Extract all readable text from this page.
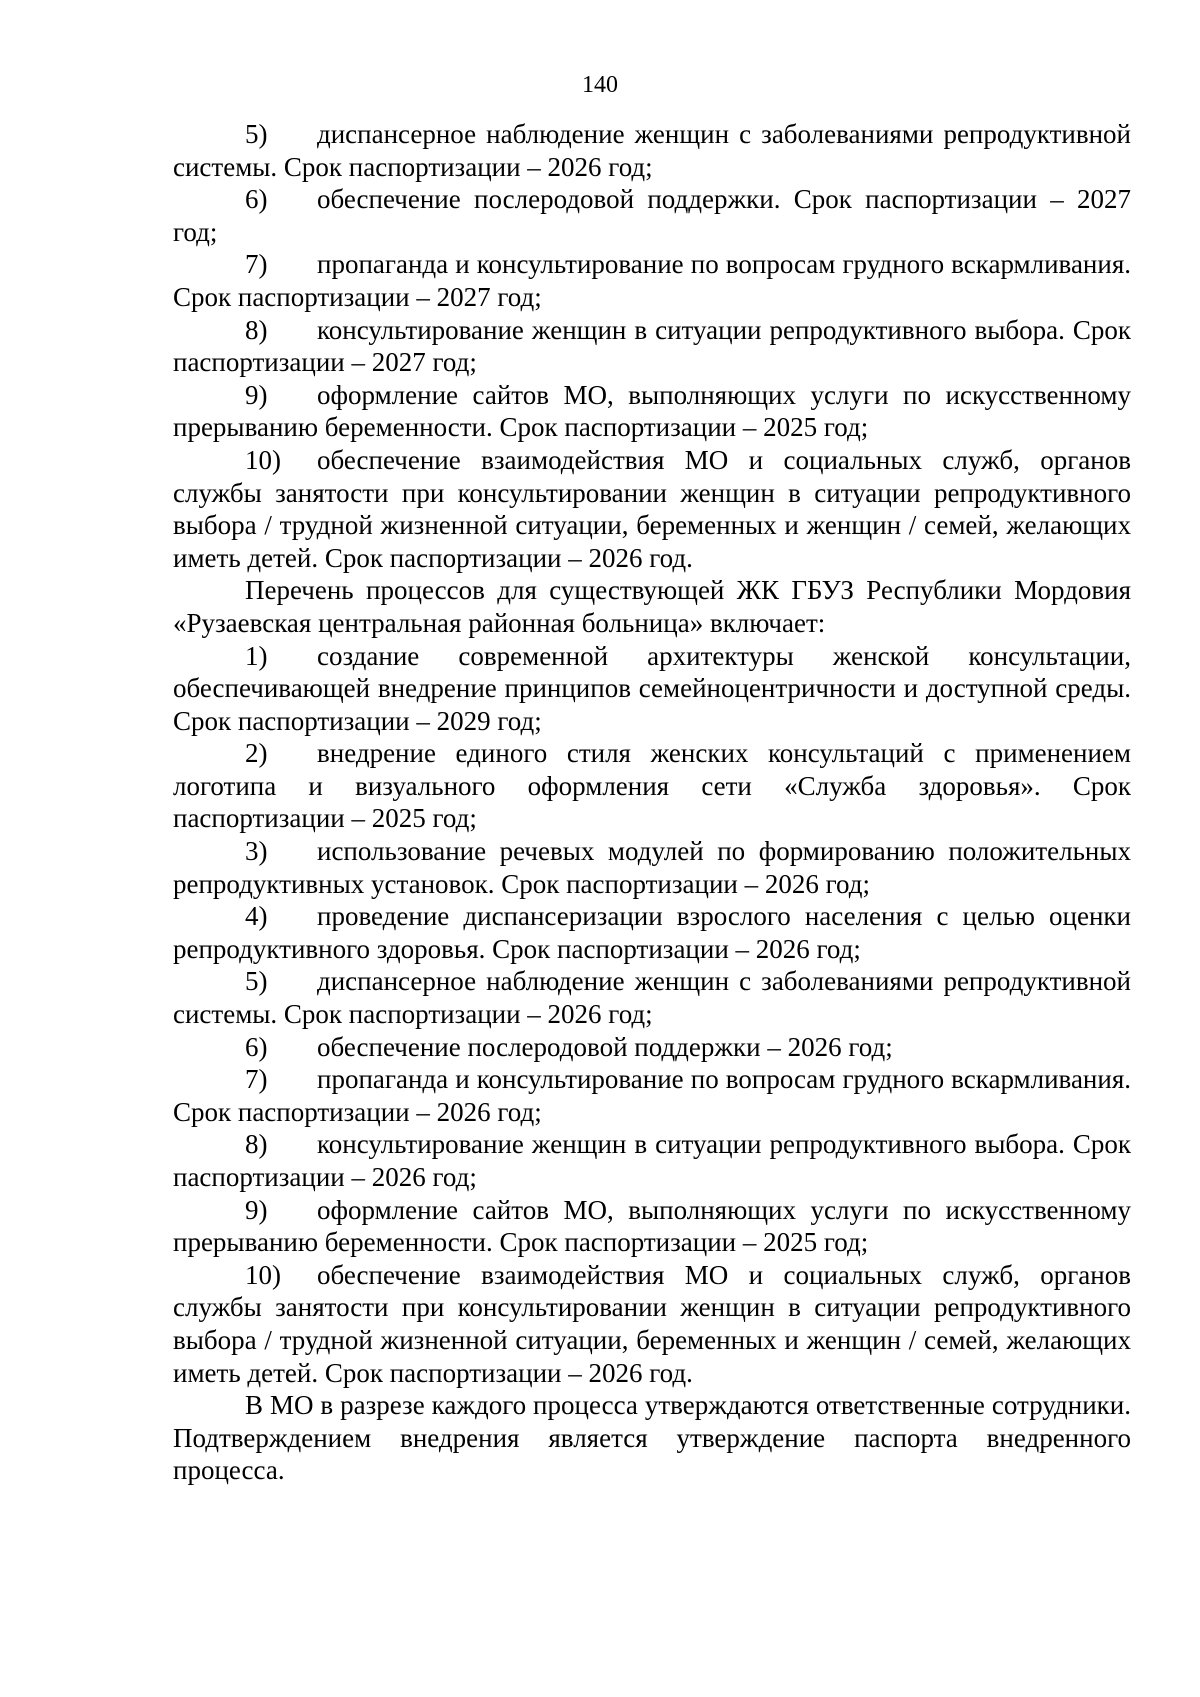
140

5) диспансерное наблюдение женщин с заболеваниями репродуктивной системы. Срок паспортизации – 2026 год;

6) обеспечение послеродовой поддержки. Срок паспортизации – 2027 год;

7) пропаганда и консультирование по вопросам грудного вскармливания. Срок паспортизации – 2027 год;

8) консультирование женщин в ситуации репродуктивного выбора. Срок паспортизации – 2027 год;

9) оформление сайтов МО, выполняющих услуги по искусственному прерыванию беременности. Срок паспортизации – 2025 год;

10) обеспечение взаимодействия МО и социальных служб, органов службы занятости при консультировании женщин в ситуации репродуктивного выбора / трудной жизненной ситуации, беременных и женщин / семей, желающих иметь детей. Срок паспортизации – 2026 год.

Перечень процессов для существующей ЖК ГБУЗ Республики Мордовия «Рузаевская центральная районная больница» включает:

1) создание современной архитектуры женской консультации, обеспечивающей внедрение принципов семейноцентричности и доступной среды. Срок паспортизации – 2029 год;

2) внедрение единого стиля женских консультаций с применением логотипа и визуального оформления сети «Служба здоровья». Срок паспортизации – 2025 год;

3) использование речевых модулей по формированию положительных репродуктивных установок. Срок паспортизации – 2026 год;

4) проведение диспансеризации взрослого населения с целью оценки репродуктивного здоровья. Срок паспортизации – 2026 год;

5) диспансерное наблюдение женщин с заболеваниями репродуктивной системы. Срок паспортизации – 2026 год;

6) обеспечение послеродовой поддержки – 2026 год;

7) пропаганда и консультирование по вопросам грудного вскармливания. Срок паспортизации – 2026 год;

8) консультирование женщин в ситуации репродуктивного выбора. Срок паспортизации – 2026 год;

9) оформление сайтов МО, выполняющих услуги по искусственному прерыванию беременности. Срок паспортизации – 2025 год;

10) обеспечение взаимодействия МО и социальных служб, органов службы занятости при консультировании женщин в ситуации репродуктивного выбора / трудной жизненной ситуации, беременных и женщин / семей, желающих иметь детей. Срок паспортизации – 2026 год.

В МО в разрезе каждого процесса утверждаются ответственные сотрудники. Подтверждением внедрения является утверждение паспорта внедренного процесса.
